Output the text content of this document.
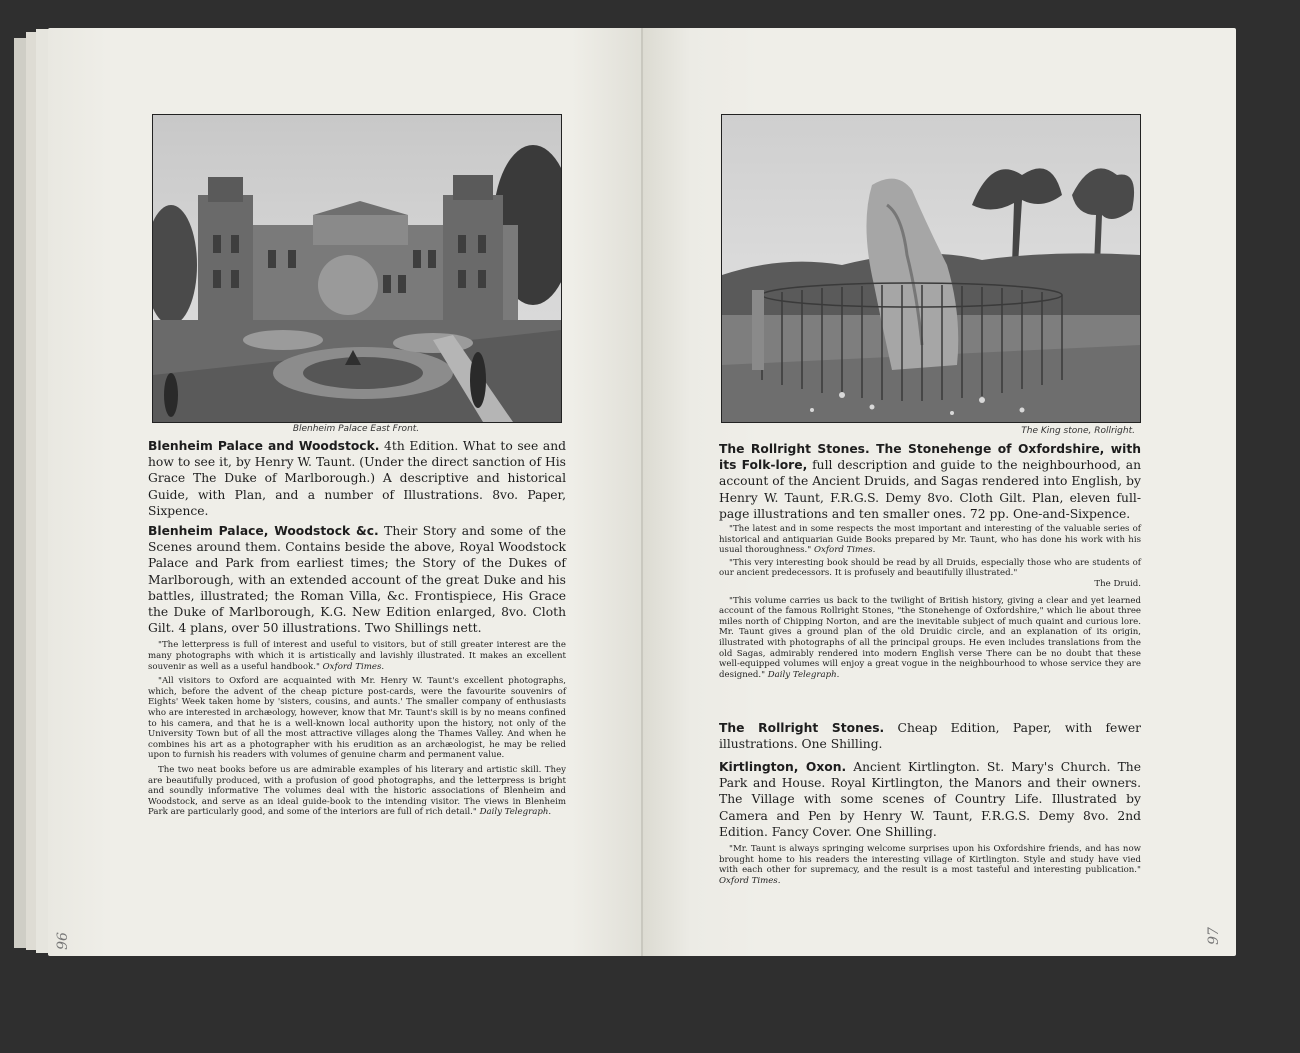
Blenheim Palace East Front.
Blenheim Palace and Woodstock. 4th Edition. What to see and how to see it, by Henry W. Taunt. (Under the direct sanction of His Grace The Duke of Marlborough.) A descriptive and historical Guide, with Plan, and a number of Illustrations. 8vo. Paper, Sixpence.
Blenheim Palace, Woodstock &c. Their Story and some of the Scenes around them. Contains beside the above, Royal Woodstock Palace and Park from earliest times; the Story of the Dukes of Marlborough, with an extended account of the great Duke and his battles, illustrated; the Roman Villa, &c. Frontispiece, His Grace the Duke of Marlborough, K.G. New Edition enlarged, 8vo. Cloth Gilt. 4 plans, over 50 illustrations. Two Shillings nett.
"The letterpress is full of interest and useful to visitors, but of still greater interest are the many photographs with which it is artistically and lavishly illustrated. It makes an excellent souvenir as well as a useful handbook." Oxford Times.
"All visitors to Oxford are acquainted with Mr. Henry W. Taunt's excellent photographs, which, before the advent of the cheap picture post-cards, were the favourite souvenirs of Eights' Week taken home by 'sisters, cousins, and aunts.' The smaller company of enthusiasts who are interested in archæology, however, know that Mr. Taunt's skill is by no means confined to his camera, and that he is a well-known local authority upon the history, not only of the University Town but of all the most attractive villages along the Thames Valley. And when he combines his art as a photographer with his erudition as an archæologist, he may be relied upon to furnish his readers with volumes of genuine charm and permanent value.
The two neat books before us are admirable examples of his literary and artistic skill. They are beautifully produced, with a profusion of good photographs, and the letterpress is bright and soundly informative The volumes deal with the historic associations of Blenheim and Woodstock, and serve as an ideal guide-book to the intending visitor. The views in Blenheim Park are particularly good, and some of the interiors are full of rich detail." Daily Telegraph.
96
The King stone, Rollright.
The Rollright Stones. The Stonehenge of Oxfordshire, with its Folk-lore, full description and guide to the neighbourhood, an account of the Ancient Druids, and Sagas rendered into English, by Henry W. Taunt, F.R.G.S. Demy 8vo. Cloth Gilt. Plan, eleven full-page illustrations and ten smaller ones. 72 pp. One-and-Sixpence.
"The latest and in some respects the most important and interesting of the valuable series of historical and antiquarian Guide Books prepared by Mr. Taunt, who has done his work with his usual thoroughness." Oxford Times.
"This very interesting book should be read by all Druids, especially those who are students of our ancient predecessors. It is profusely and beautifully illustrated."
The Druid.
"This volume carries us back to the twilight of British history, giving a clear and yet learned account of the famous Rollright Stones, "the Stonehenge of Oxfordshire," which lie about three miles north of Chipping Norton, and are the inevitable subject of much quaint and curious lore. Mr. Taunt gives a ground plan of the old Druidic circle, and an explanation of its origin, illustrated with photographs of all the principal groups. He even includes translations from the old Sagas, admirably rendered into modern English verse There can be no doubt that these well-equipped volumes will enjoy a great vogue in the neighbourhood to whose service they are designed." Daily Telegraph.
The Rollright Stones. Cheap Edition, Paper, with fewer illustrations. One Shilling.
Kirtlington, Oxon. Ancient Kirtlington. St. Mary's Church. The Park and House. Royal Kirtlington, the Manors and their owners. The Village with some scenes of Country Life. Illustrated by Camera and Pen by Henry W. Taunt, F.R.G.S. Demy 8vo. 2nd Edition. Fancy Cover. One Shilling.
"Mr. Taunt is always springing welcome surprises upon his Oxfordshire friends, and has now brought home to his readers the interesting village of Kirtlington. Style and study have vied with each other for supremacy, and the result is a most tasteful and interesting publication." Oxford Times.
97
